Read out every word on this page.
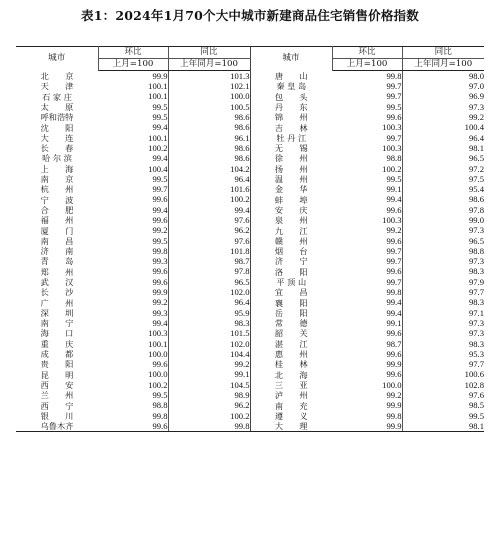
表1：2024年1月70个大中城市新建商品住宅销售价格指数
城市	环比	同比	城市	环比	同比
	上月=100	上年同月=100		上月=100	上年同月=100
北　　京	99.9	101.3	唐　　山	99.8	98.0
天　　津	100.1	102.1	秦 皇 岛	99.7	97.0
石 家 庄	100.1	100.0	包　　头	99.7	96.9
太　　原	99.5	100.5	丹　　东	99.5	97.3
呼和浩特	99.5	98.6	锦　　州	99.6	99.2
沈　　阳	99.4	98.6	吉　　林	100.3	100.4
大　　连	100.1	96.1	牡 丹 江	99.7	96.4
长　　春	100.2	98.6	无　　锡	100.3	98.1
哈 尔 滨	99.4	98.6	徐　　州	98.8	96.5
上　　海	100.4	104.2	扬　　州	100.2	97.2
南　　京	99.5	96.4	温　　州	99.5	97.5
杭　　州	99.7	101.6	金　　华	99.1	95.4
宁　　波	99.6	100.2	蚌　　埠	99.4	98.6
合　　肥	99.4	99.4	安　　庆	99.6	97.8
福　　州	99.6	97.6	泉　　州	100.3	99.0
厦　　门	99.2	96.2	九　　江	99.2	97.3
南　　昌	99.5	97.6	赣　　州	99.6	96.5
济　　南	99.8	101.8	烟　　台	99.7	98.8
青　　岛	99.3	98.7	济　　宁	99.7	97.3
郑　　州	99.6	97.8	洛　　阳	99.6	98.3
武　　汉	99.6	96.5	平 顶 山	99.7	97.9
长　　沙	99.9	102.0	宜　　昌	99.8	97.7
广　　州	99.2	96.4	襄　　阳	99.4	98.3
深　　圳	99.3	95.9	岳　　阳	99.4	97.1
南　　宁	99.4	98.3	常　　德	99.1	97.3
海　　口	100.3	101.5	韶　　关	99.6	97.3
重　　庆	100.1	102.0	湛　　江	98.7	98.3
成　　都	100.0	104.4	惠　　州	99.6	95.3
贵　　阳	99.6	99.2	桂　　林	99.9	97.7
昆　　明	100.0	99.1	北　　海	99.6	100.6
西　　安	100.2	104.5	三　　亚	100.0	102.8
兰　　州	99.5	98.9	泸　　州	99.2	97.6
西　　宁	98.8	96.2	南　　充	99.9	98.5
银　　川	99.8	100.2	遵　　义	99.8	99.5
乌鲁木齐	99.6	99.8	大　　理	99.9	98.1
